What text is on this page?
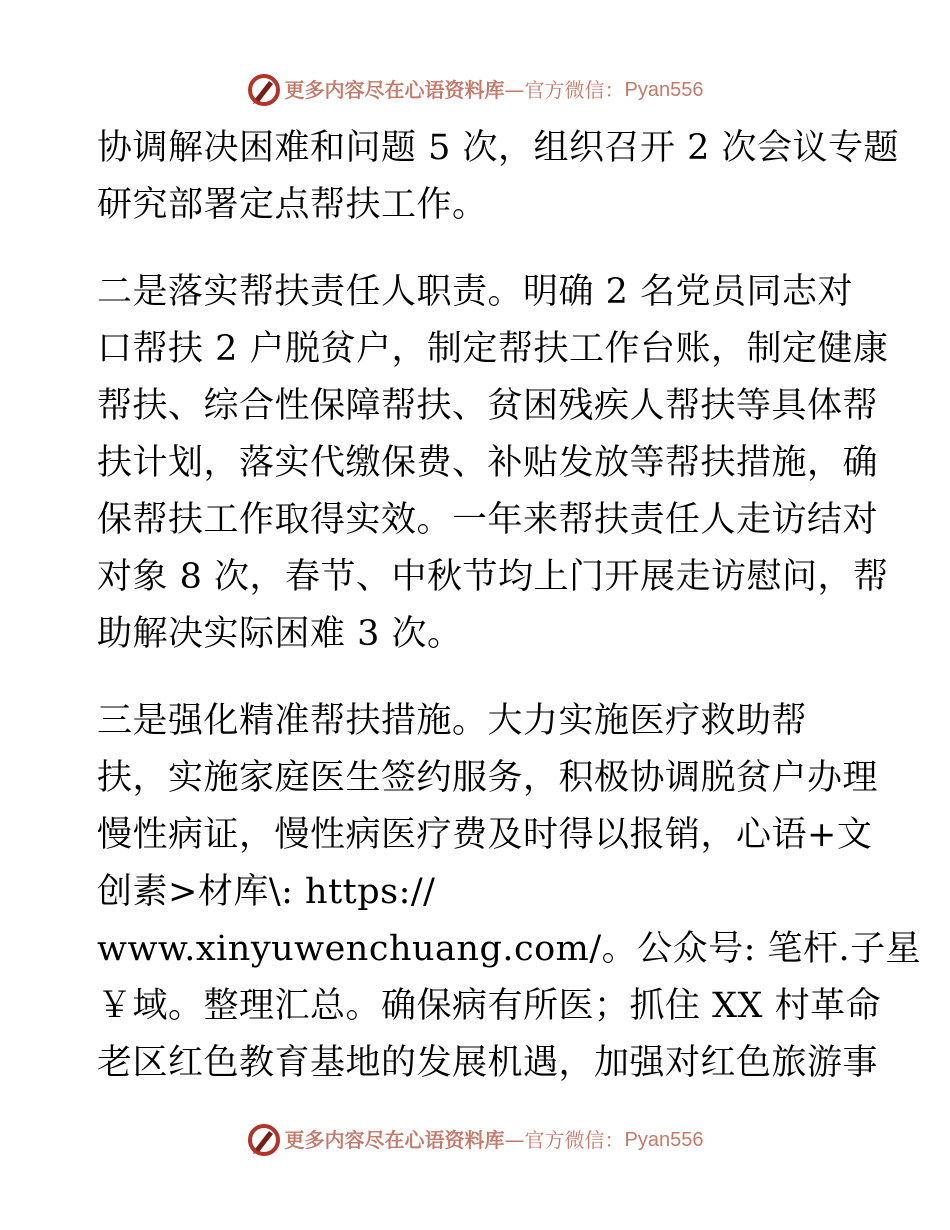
更多内容尽在心语资料库 — 官方微信： Pyan556

协调解决困难和问题 5 次，组织召开 2 次会议专题
研究部署定点帮扶工作。

二是落实帮扶责任人职责。明确 2 名党员同志对
口帮扶 2 户脱贫户，制定帮扶工作台账，制定健康
帮扶、综合性保障帮扶、贫困残疾人帮扶等具体帮
扶计划，落实代缴保费、补贴发放等帮扶措施，确
保帮扶工作取得实效。一年来帮扶责任人走访结对
对象 8 次，春节、中秋节均上门开展走访慰问，帮
助解决实际困难 3 次。

三是强化精准帮扶措施。大力实施医疗救助帮
扶，实施家庭医生签约服务，积极协调脱贫户办理
慢性病证，慢性病医疗费及时得以报销，心语+文
创素>材库\: https://
www.xinyuwenchuang.com/。公众号: 笔杆.子星
￥域。整理汇总。确保病有所医；抓住 XX 村革命
老区红色教育基地的发展机遇，加强对红色旅游事

更多内容尽在心语资料库 — 官方微信： Pyan556
